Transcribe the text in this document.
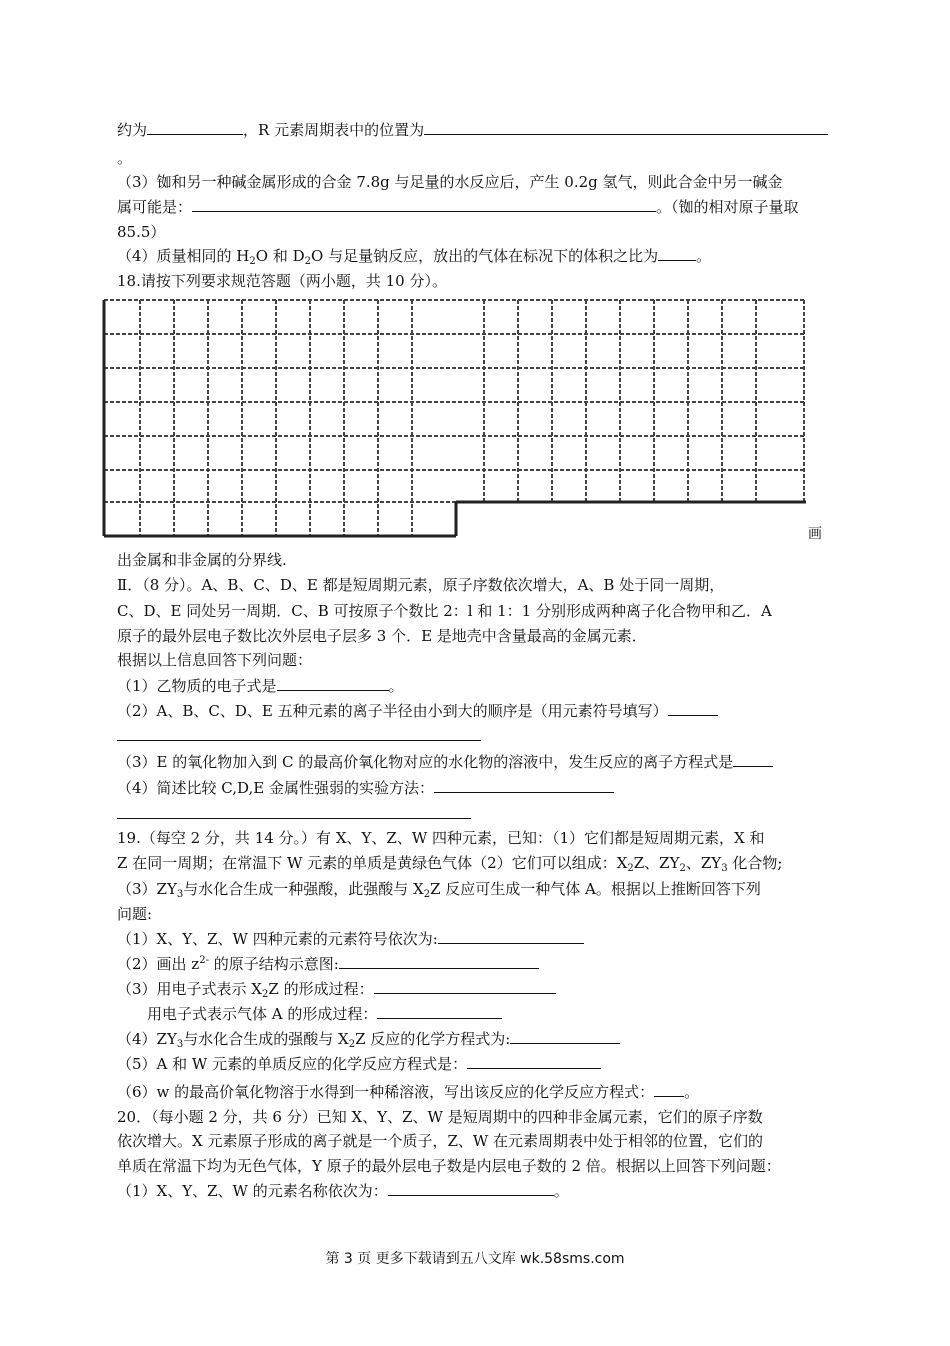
约为	，R 元素周期表中的位置为
。
（3）铷和另一种碱金属形成的合金 7.8g 与足量的水反应后，产生 0.2g 氢气，则此合金中另一碱金
属可能是：	。（铷的相对原子量取
85.5）
（4）质量相同的 $H_2O$ 和 $D_2O$ 与足量钠反应，放出的气体在标况下的体积之比为	。
18.请按下列要求规范答题（两小题，共 10 分）。
画
出金属和非金属的分界线.
Ⅱ．（8 分）。A、B、C、D、E 都是短周期元素，原子序数依次增大，A、B 处于同一周期，
C、D、E 同处另一周期．C、B 可按原子个数比 2：l 和 1：1 分别形成两种离子化合物甲和乙．A
原子的最外层电子数比次外层电子层多 3 个．E 是地壳中含量最高的金属元素．
根据以上信息回答下列问题：
（1）乙物质的电子式是	。
（2）A、B、C、D、E 五种元素的离子半径由小到大的顺序是（用元素符号填写）
（3）E 的氧化物加入到 C 的最高价氧化物对应的水化物的溶液中，发生反应的离子方程式是
（4）简述比较 C,D,E 金属性强弱的实验方法：
19.（每空 2 分，共 14 分。）有 X、Y、Z、W 四种元素，已知：（1）它们都是短周期元素，X 和
Z 在同一周期；在常温下 W 元素的单质是黄绿色气体（2）它们可以组成：$X_2Z$、$ZY_2$、$ZY_3$ 化合物;
$(3)ZY_3$与水化合生成一种强酸，此强酸与 $X_2Z$ 反应可生成一种气体 A。根据以上推断回答下列
问题:
（1）X、Y、Z、W 四种元素的元素符号依次为:
（2）画出 $z^{2-}$ 的原子结构示意图:
（3）用电子式表示 $X_2Z$ 的形成过程：
用电子式表示气体 A 的形成过程：
$(4)ZY_3$与水化合生成的强酸与 $X_2Z$ 反应的化学方程式为:
（5）A 和 W 元素的单质反应的化学反应方程式是：
（6）w 的最高价氧化物溶于水得到一种稀溶液，写出该反应的化学反应方程式： 。
20．（每小题 2 分，共 6 分）已知 X、Y、Z、W 是短周期中的四种非金属元素，它们的原子序数
依次增大。X 元素原子形成的离子就是一个质子，Z、W 在元素周期表中处于相邻的位置，它们的
单质在常温下均为无色气体，Y 原子的最外层电子数是内层电子数的 2 倍。根据以上回答下列问题：
（1）X、Y、Z、W 的元素名称依次为：	。
第 3 页 更多下载请到五八文库 wk.58sms.com
